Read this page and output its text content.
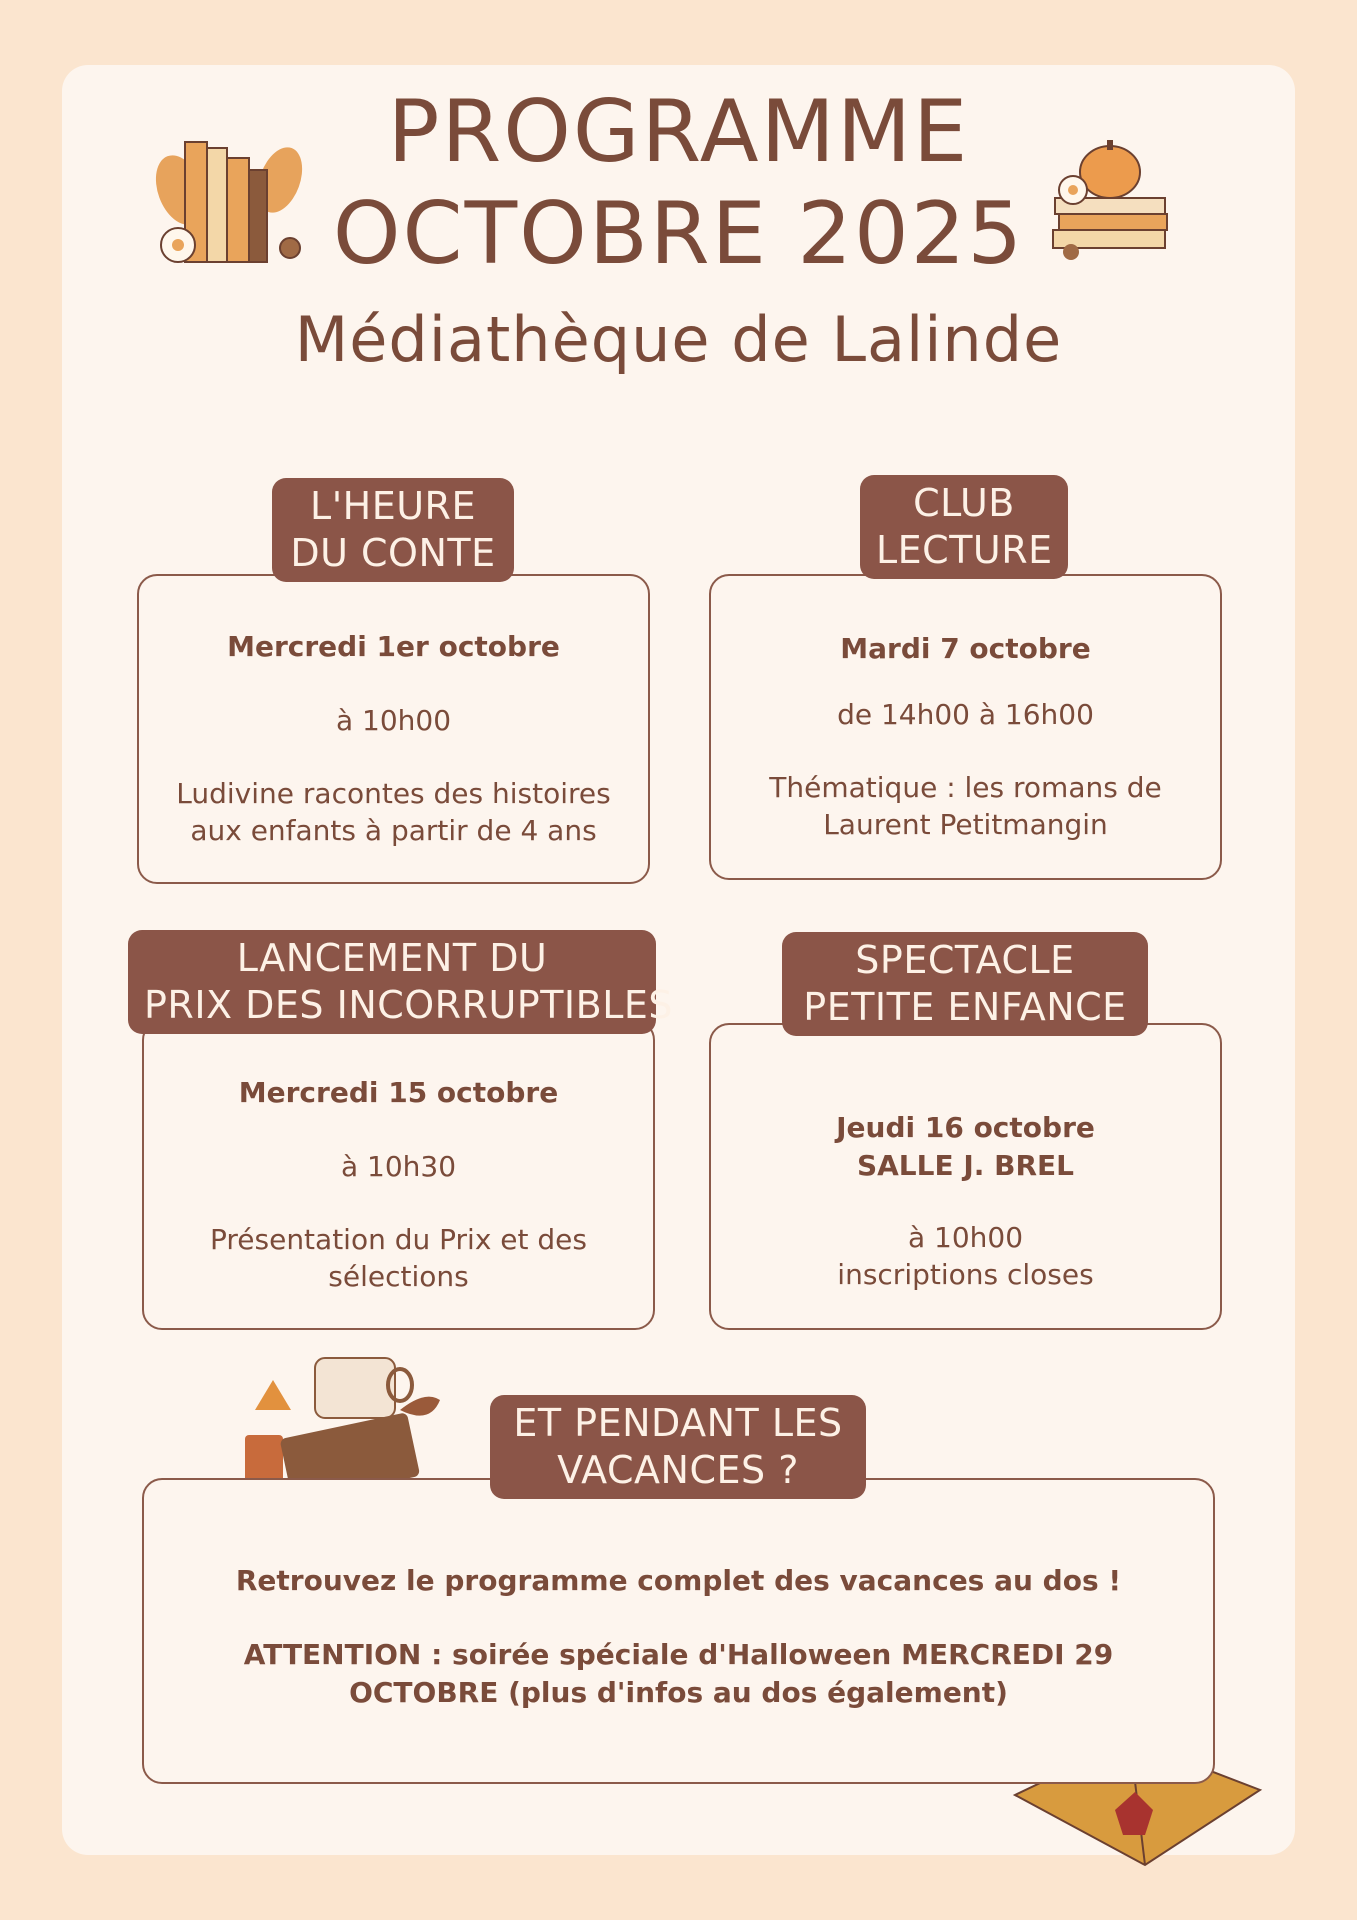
PROGRAMME
OCTOBRE 2025
Médiathèque de Lalinde
Mercredi 1er octobre
à 10h00
Ludivine racontes des histoires
aux enfants à partir de 4 ans
L'HEURE
DU CONTE
Mardi 7 octobre
de 14h00 à 16h00
Thématique : les romans de
Laurent Petitmangin
CLUB
LECTURE
Mercredi 15 octobre
à 10h30
Présentation du Prix et des
sélections
LANCEMENT DU
PRIX DES INCORRUPTIBLES
Jeudi 16 octobre
SALLE J. BREL
à 10h00
inscriptions closes
SPECTACLE
PETITE ENFANCE
Retrouvez le programme complet des vacances au dos !
ATTENTION : soirée spéciale d'Halloween MERCREDI 29
OCTOBRE (plus d'infos au dos également)
ET PENDANT LES
VACANCES ?
